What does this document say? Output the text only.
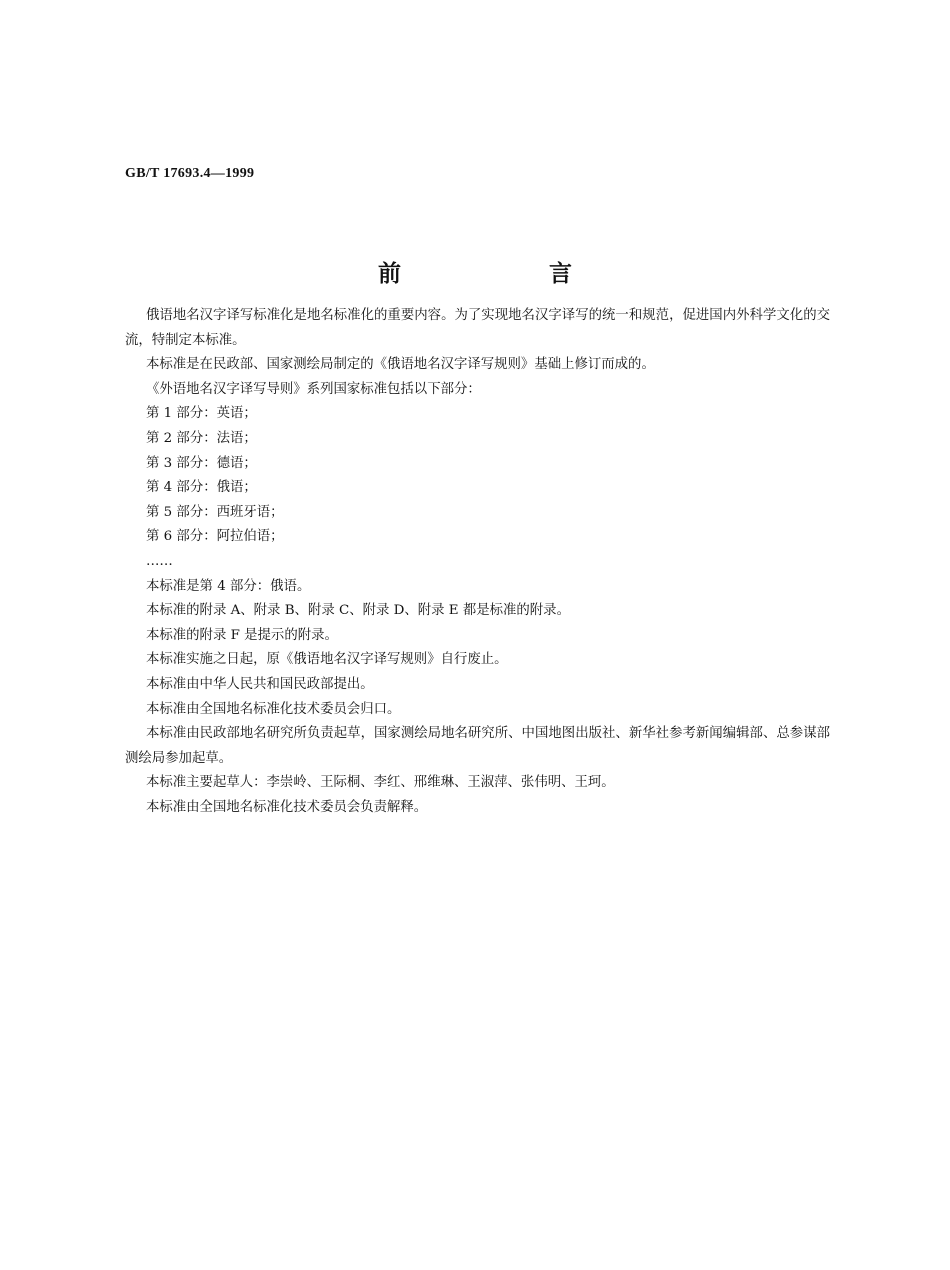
GB/T 17693.4—1999
前 言

俄语地名汉字译写标准化是地名标准化的重要内容。为了实现地名汉字译写的统一和规范，促进国内外科学文化的交流，特制定本标准。

本标准是在民政部、国家测绘局制定的《俄语地名汉字译写规则》基础上修订而成的。

《外语地名汉字译写导则》系列国家标准包括以下部分：

第 1 部分：英语；

第 2 部分：法语；

第 3 部分：德语；

第 4 部分：俄语；

第 5 部分：西班牙语；

第 6 部分：阿拉伯语；

……

本标准是第 4 部分：俄语。

本标准的附录 A、附录 B、附录 C、附录 D、附录 E 都是标准的附录。

本标准的附录 F 是提示的附录。

本标准实施之日起，原《俄语地名汉字译写规则》自行废止。

本标准由中华人民共和国民政部提出。

本标准由全国地名标准化技术委员会归口。

本标准由民政部地名研究所负责起草，国家测绘局地名研究所、中国地图出版社、新华社参考新闻编辑部、总参谋部测绘局参加起草。

本标准主要起草人：李崇岭、王际桐、李红、邢维琳、王淑萍、张伟明、王珂。

本标准由全国地名标准化技术委员会负责解释。
